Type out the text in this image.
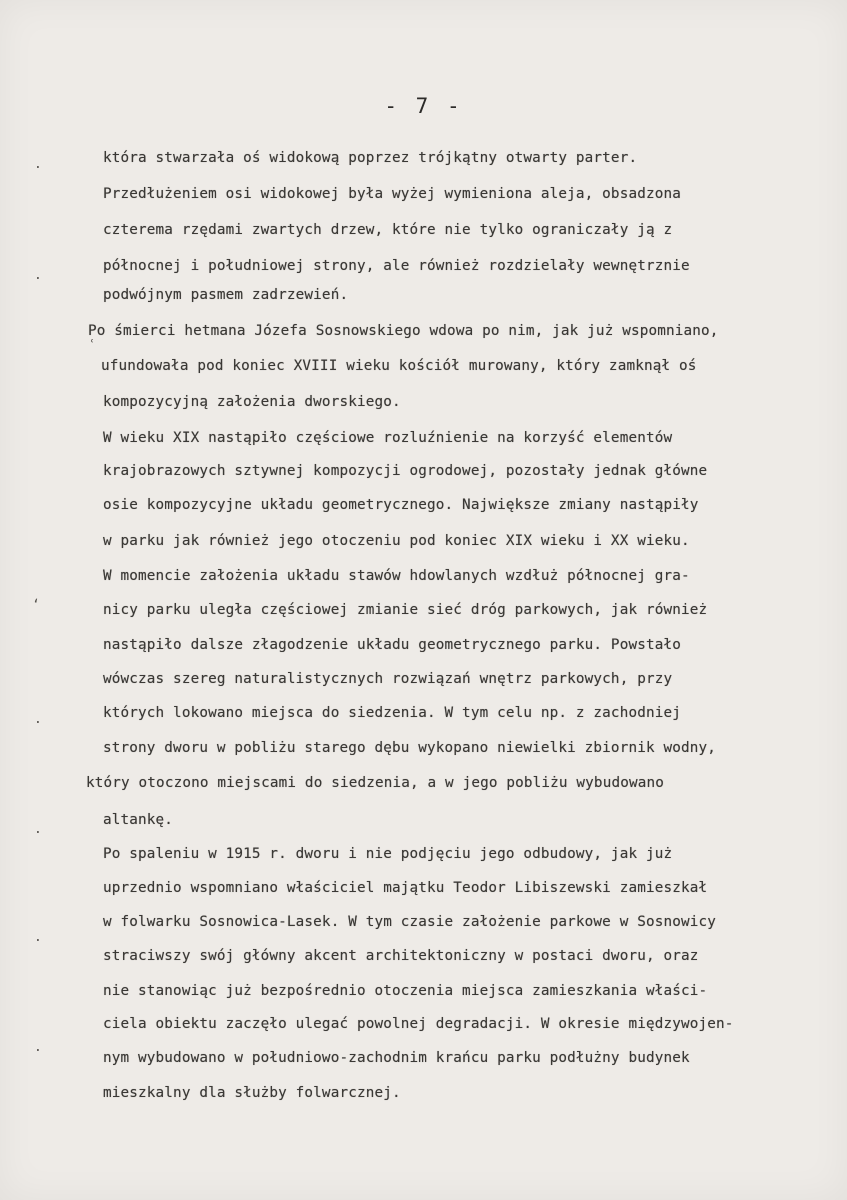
- 7 -
.
.
ʿ
ʻ
.
.
.
.
która stwarzała oś widokową poprzez trójkątny otwarty parter.
Przedłużeniem osi widokowej była wyżej wymieniona aleja, obsadzona
czterema rzędami zwartych drzew, które nie tylko ograniczały ją z
północnej i południowej strony, ale również rozdzielały wewnętrznie
podwójnym pasmem zadrzewień.
Po śmierci hetmana Józefa Sosnowskiego wdowa po nim, jak już wspomniano,
ufundowała pod koniec XVIII wieku kościół murowany, który zamknął oś
kompozycyjną założenia dworskiego.
W wieku XIX nastąpiło częściowe rozluźnienie na korzyść elementów
krajobrazowych sztywnej kompozycji ogrodowej, pozostały jednak główne
osie kompozycyjne układu geometrycznego. Największe zmiany nastąpiły
w parku jak również jego otoczeniu pod koniec XIX wieku i XX wieku.
W momencie założenia układu stawów hdowlanych wzdłuż północnej gra-
nicy parku uległa częściowej zmianie sieć dróg parkowych, jak również
nastąpiło dalsze złagodzenie układu geometrycznego parku. Powstało
wówczas szereg naturalistycznych rozwiązań wnętrz parkowych, przy
których lokowano miejsca do siedzenia. W tym celu np. z zachodniej
strony dworu w pobliżu starego dębu wykopano niewielki zbiornik wodny,
który otoczono miejscami do siedzenia, a w jego pobliżu wybudowano
altankę.
Po spaleniu w 1915 r. dworu i nie podjęciu jego odbudowy, jak już
uprzednio wspomniano właściciel majątku Teodor Libiszewski zamieszkał
w folwarku Sosnowica-Lasek. W tym czasie założenie parkowe w Sosnowicy
straciwszy swój główny akcent architektoniczny w postaci dworu, oraz
nie stanowiąc już bezpośrednio otoczenia miejsca zamieszkania właści-
ciela obiektu zaczęło ulegać powolnej degradacji. W okresie międzywojen-
nym wybudowano w południowo-zachodnim krańcu parku podłużny budynek
mieszkalny dla służby folwarcznej.
